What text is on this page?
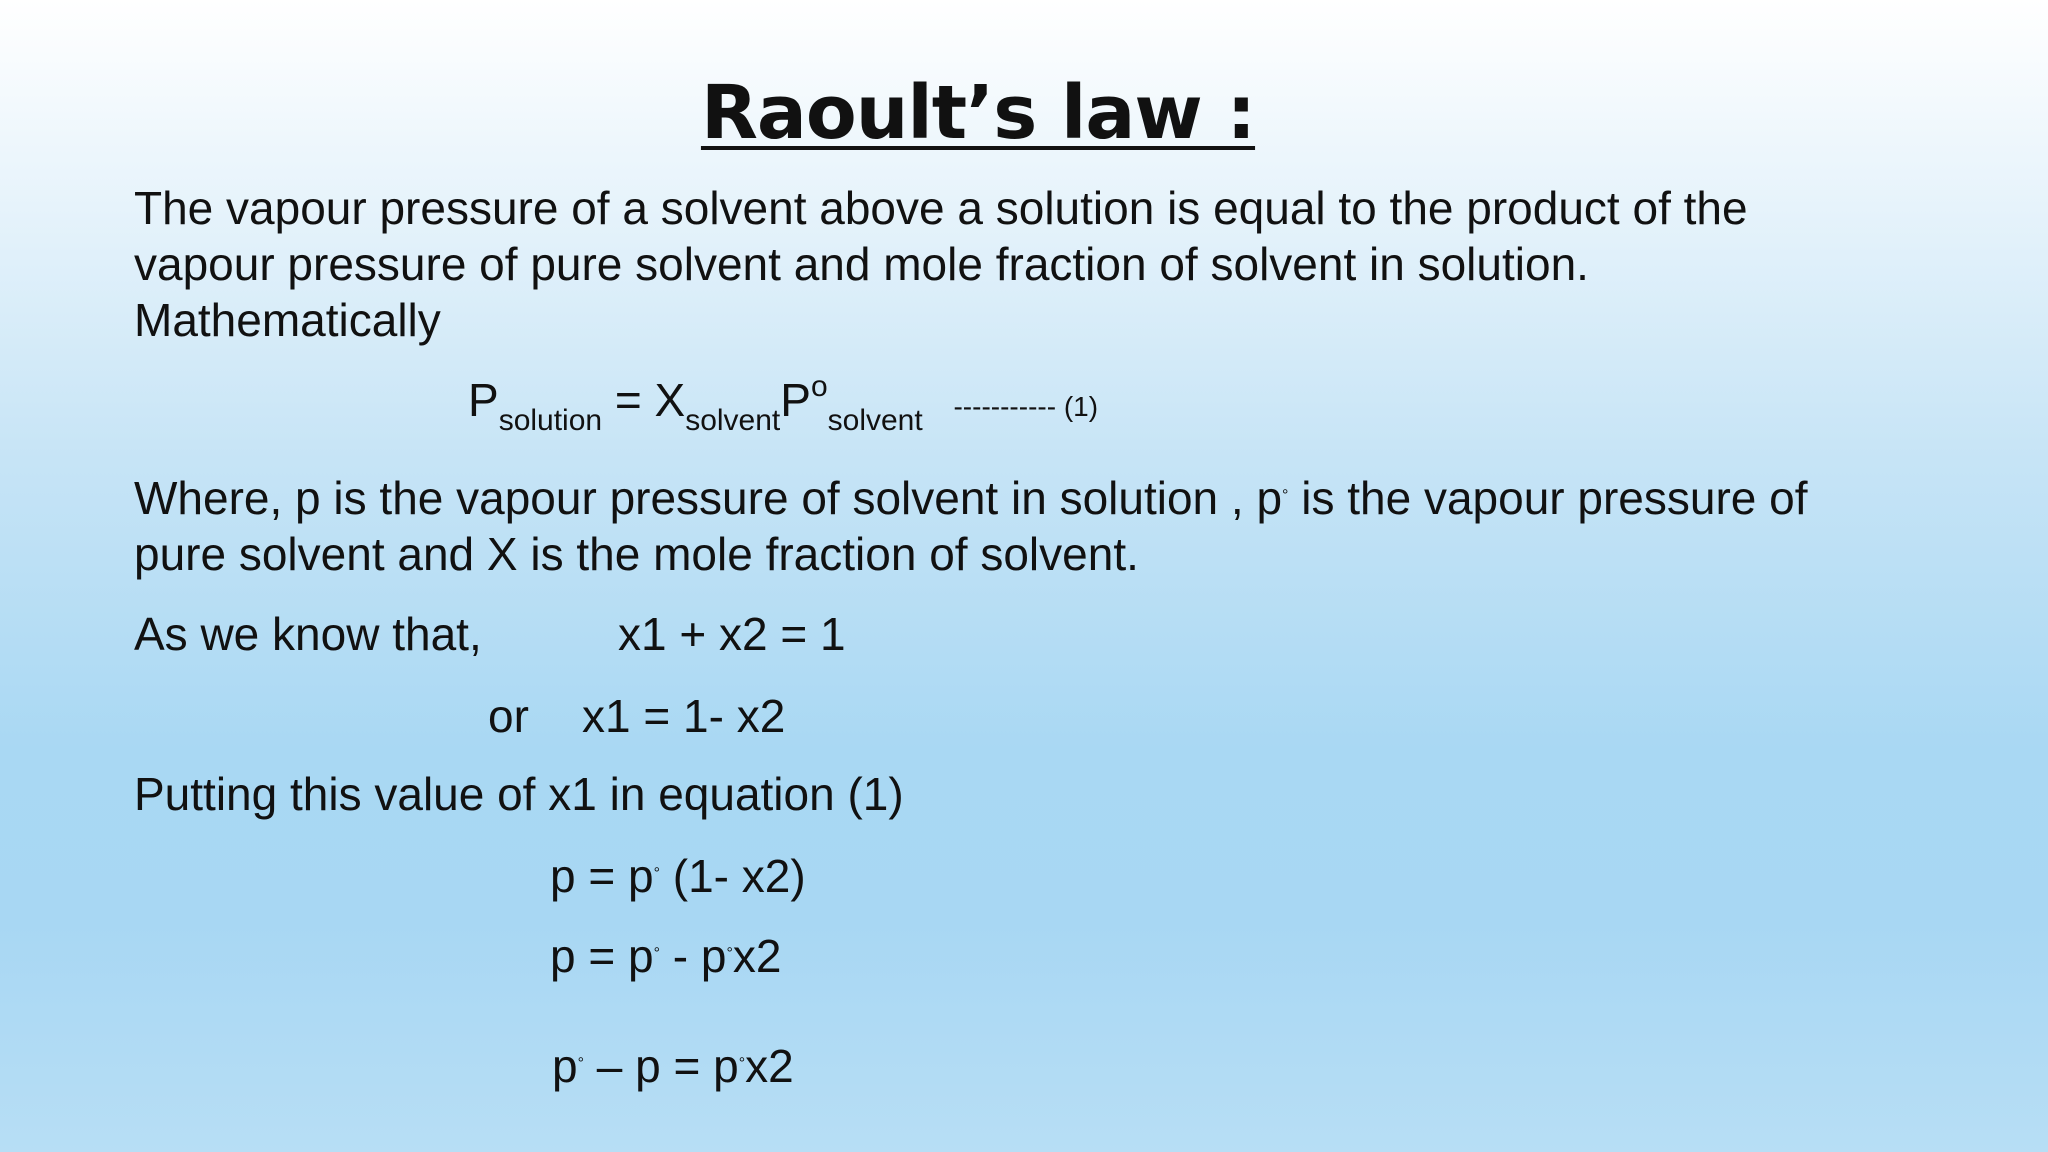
Raoult’s law :
The vapour pressure of a solvent above a solution is equal to the product of the
vapour pressure of pure solvent and mole fraction of solvent in solution.
Mathematically
$P_{solution} = X_{solvent}P^o_{solvent}$ ----------- (1)
Where, p is the vapour pressure of solvent in solution , p° is the vapour pressure of
pure solvent and X is the mole fraction of solvent.
As we know that,	x1 + x2 = 1
or x1 = 1- x2
Putting this value of x1 in equation (1)
p = p° (1- x2)
p = p° - p°x2
p° – p = p°x2
